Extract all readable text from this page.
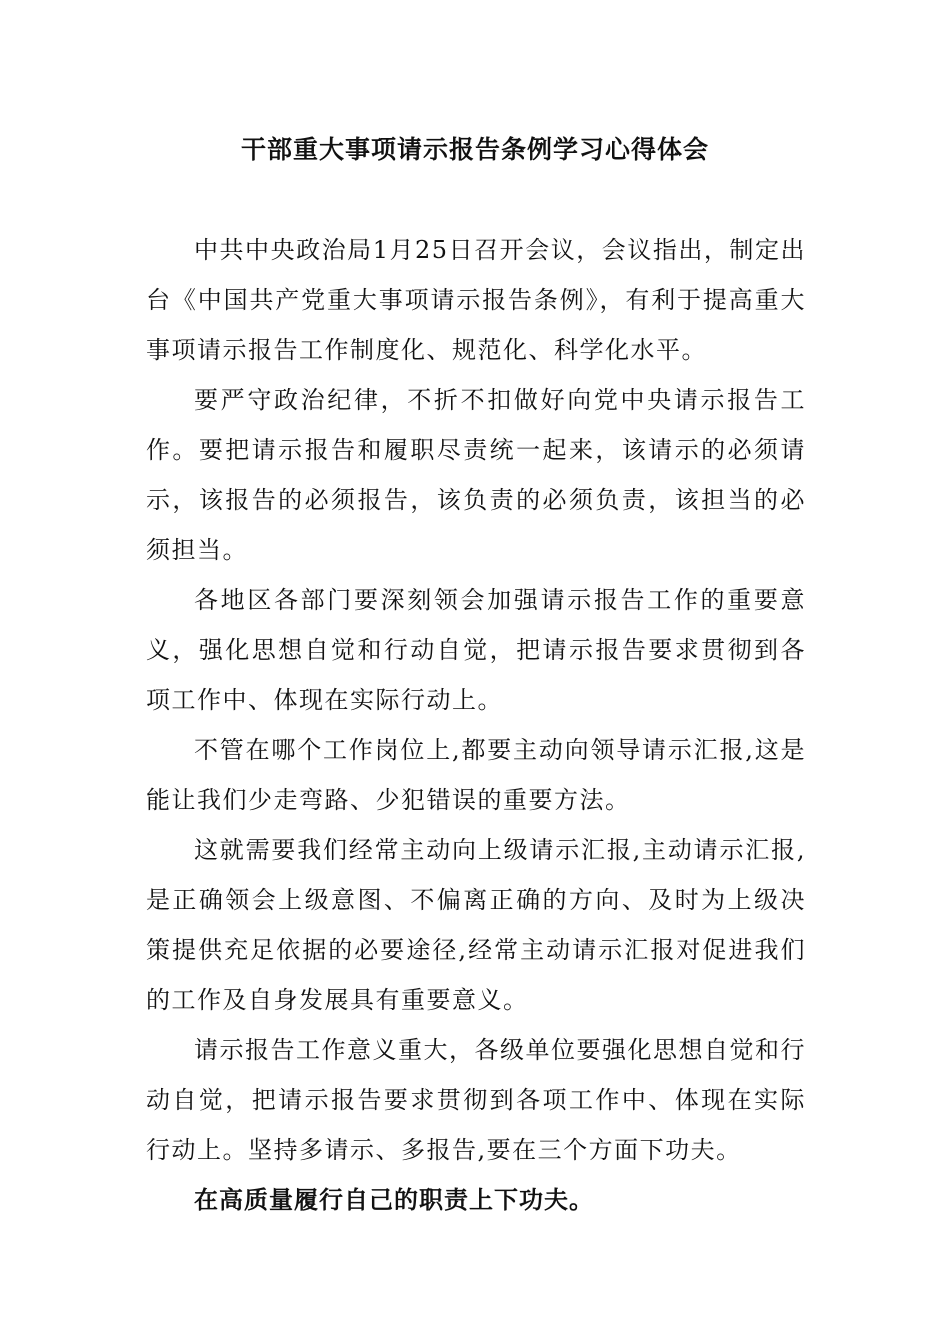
干部重大事项请示报告条例学习心得体会

中共中央政治局1月25日召开会议，会议指出，制定出台《中国共产党重大事项请示报告条例》，有利于提高重大事项请示报告工作制度化、规范化、科学化水平。

要严守政治纪律，不折不扣做好向党中央请示报告工作。要把请示报告和履职尽责统一起来，该请示的必须请示，该报告的必须报告，该负责的必须负责，该担当的必须担当。

各地区各部门要深刻领会加强请示报告工作的重要意义，强化思想自觉和行动自觉，把请示报告要求贯彻到各项工作中、体现在实际行动上。

不管在哪个工作岗位上,都要主动向领导请示汇报,这是能让我们少走弯路、少犯错误的重要方法。

这就需要我们经常主动向上级请示汇报,主动请示汇报,是正确领会上级意图、不偏离正确的方向、及时为上级决策提供充足依据的必要途径,经常主动请示汇报对促进我们的工作及自身发展具有重要意义。

请示报告工作意义重大，各级单位要强化思想自觉和行动自觉，把请示报告要求贯彻到各项工作中、体现在实际行动上。坚持多请示、多报告,要在三个方面下功夫。

在高质量履行自己的职责上下功夫。
